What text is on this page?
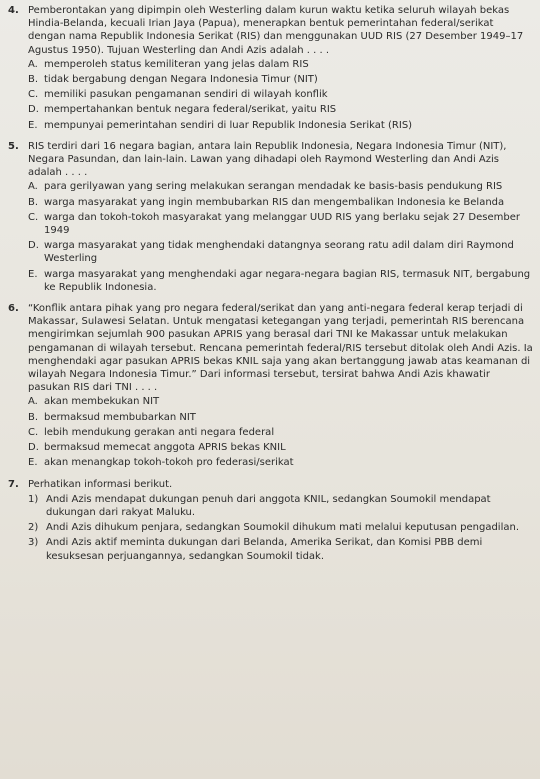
4. Pemberontakan yang dipimpin oleh Westerling dalam kurun waktu ketika seluruh wilayah bekas Hindia-Belanda, kecuali Irian Jaya (Papua), menerapkan bentuk pemerintahan federal/serikat dengan nama Republik Indonesia Serikat (RIS) dan menggunakan UUD RIS (27 Desember 1949–17 Agustus 1950). Tujuan Westerling dan Andi Azis adalah . . . .

A. memperoleh status kemiliteran yang jelas dalam RIS
B. tidak bergabung dengan Negara Indonesia Timur (NIT)
C. memiliki pasukan pengamanan sendiri di wilayah konflik
D. mempertahankan bentuk negara federal/serikat, yaitu RIS
E. mempunyai pemerintahan sendiri di luar Republik Indonesia Serikat (RIS)
5. RIS terdiri dari 16 negara bagian, antara lain Republik Indonesia, Negara Indonesia Timur (NIT), Negara Pasundan, dan lain-lain. Lawan yang dihadapi oleh Raymond Westerling dan Andi Azis adalah . . . .

A. para gerilyawan yang sering melakukan serangan mendadak ke basis-basis pendukung RIS
B. warga masyarakat yang ingin membubarkan RIS dan mengembalikan Indonesia ke Belanda
C. warga dan tokoh-tokoh masyarakat yang melanggar UUD RIS yang berlaku sejak 27 Desember 1949
D. warga masyarakat yang tidak menghendaki datangnya seorang ratu adil dalam diri Raymond Westerling
E. warga masyarakat yang menghendaki agar negara-negara bagian RIS, termasuk NIT, bergabung ke Republik Indonesia.
6. “Konflik antara pihak yang pro negara federal/serikat dan yang anti-negara federal kerap terjadi di Makassar, Sulawesi Selatan. Untuk mengatasi ketegangan yang terjadi, pemerintah RIS berencana mengirimkan sejumlah 900 pasukan APRIS yang berasal dari TNI ke Makassar untuk melakukan pengamanan di wilayah tersebut. Rencana pemerintah federal/RIS tersebut ditolak oleh Andi Azis. Ia menghendaki agar pasukan APRIS bekas KNIL saja yang akan bertanggung jawab atas keamanan di wilayah Negara Indonesia Timur.” Dari informasi tersebut, tersirat bahwa Andi Azis khawatir pasukan RIS dari TNI . . . .

A. akan membekukan NIT
B. bermaksud membubarkan NIT
C. lebih mendukung gerakan anti negara federal
D. bermaksud memecat anggota APRIS bekas KNIL
E. akan menangkap tokoh-tokoh pro federasi/serikat
7. Perhatikan informasi berikut.

1) Andi Azis mendapat dukungan penuh dari anggota KNIL, sedangkan Soumokil mendapat dukungan dari rakyat Maluku.
2) Andi Azis dihukum penjara, sedangkan Soumokil dihukum mati melalui keputusan pengadilan.
3) Andi Azis aktif meminta dukungan dari Belanda, Amerika Serikat, dan Komisi PBB demi kesuksesan perjuangannya, sedangkan Soumokil tidak.
